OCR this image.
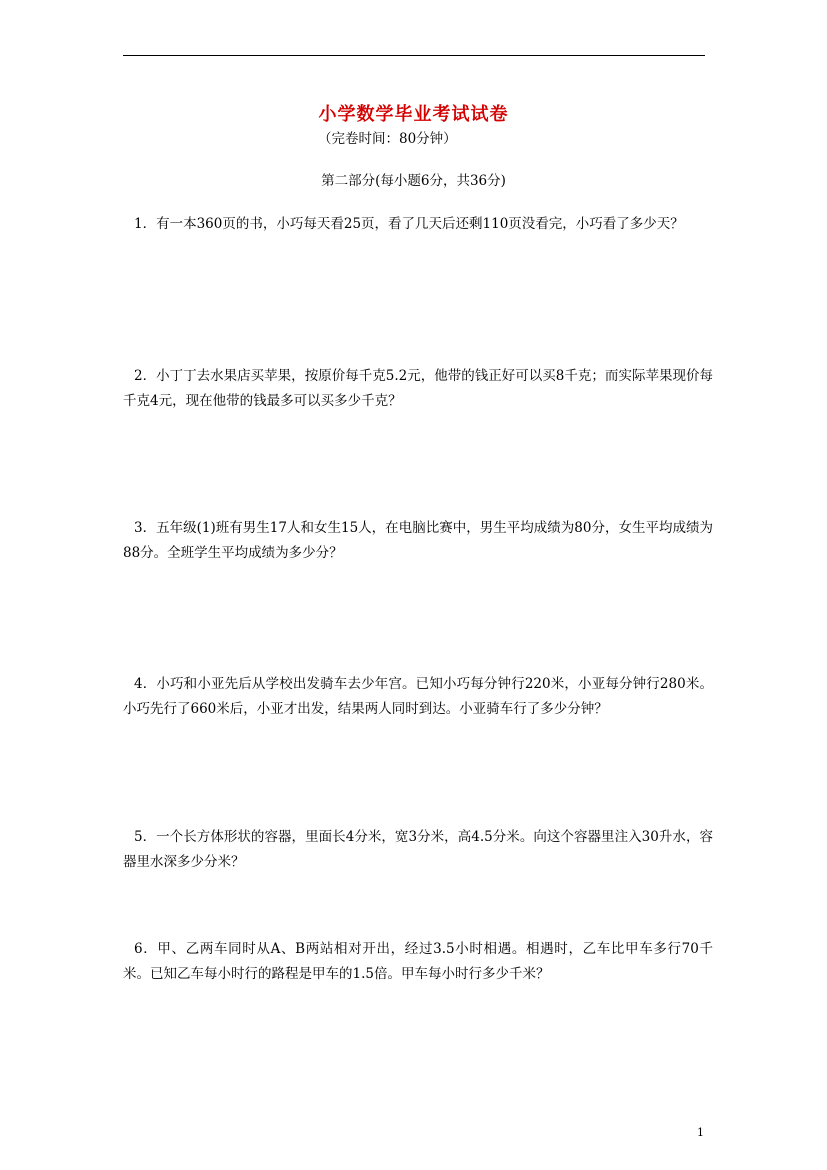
小学数学毕业考试试卷
（完卷时间：80分钟）
第二部分(每小题6分，共36分)
1．有一本360页的书，小巧每天看25页，看了几天后还剩110页没看完，小巧看了多少天？
2．小丁丁去水果店买苹果，按原价每千克5.2元，他带的钱正好可以买8千克；而实际苹果现价每千克4元，现在他带的钱最多可以买多少千克？
3．五年级(1)班有男生17人和女生15人，在电脑比赛中，男生平均成绩为80分，女生平均成绩为88分。全班学生平均成绩为多少分？
4．小巧和小亚先后从学校出发骑车去少年宫。已知小巧每分钟行220米，小亚每分钟行280米。小巧先行了660米后，小亚才出发，结果两人同时到达。小亚骑车行了多少分钟？
5．一个长方体形状的容器，里面长4分米，宽3分米，高4.5分米。向这个容器里注入30升水，容器里水深多少分米？
6．甲、乙两车同时从A、B两站相对开出，经过3.5小时相遇。相遇时，乙车比甲车多行70千米。已知乙车每小时行的路程是甲车的1.5倍。甲车每小时行多少千米？
1
